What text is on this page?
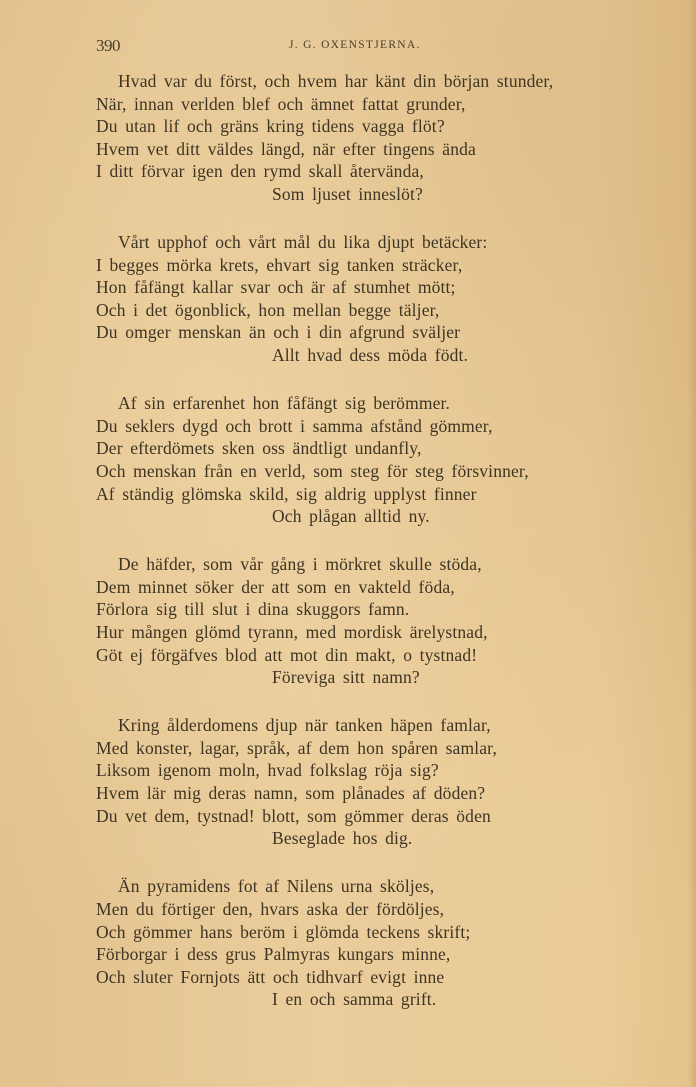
390	J. G. OXENSTJERNA.
Hvad var du först, och hvem har känt din början stunder,
När, innan verlden blef och ämnet fattat grunder,
Du utan lif och gräns kring tidens vagga flöt?
Hvem vet ditt väldes längd, när efter tingens ända
I ditt förvar igen den rymd skall återvända,
Som ljuset inneslöt?
Vårt upphof och vårt mål du lika djupt betäcker:
I begges mörka krets, ehvart sig tanken sträcker,
Hon fåfängt kallar svar och är af stumhet mött;
Och i det ögonblick, hon mellan begge täljer,
Du omger menskan än och i din afgrund sväljer
Allt hvad dess möda födt.
Af sin erfarenhet hon fåfängt sig berömmer.
Du seklers dygd och brott i samma afstånd gömmer,
Der efterdömets sken oss ändtligt undanfly,
Och menskan från en verld, som steg för steg försvinner,
Af ständig glömska skild, sig aldrig upplyst finner
Och plågan alltid ny.
De häfder, som vår gång i mörkret skulle stöda,
Dem minnet söker der att som en vakteld föda,
Förlora sig till slut i dina skuggors famn.
Hur mången glömd tyrann, med mordisk ärelystnad,
Göt ej förgäfves blod att mot din makt, o tystnad!
Föreviga sitt namn?
Kring ålderdomens djup när tanken häpen famlar,
Med konster, lagar, språk, af dem hon spåren samlar,
Liksom igenom moln, hvad folkslag röja sig?
Hvem lär mig deras namn, som plånades af döden?
Du vet dem, tystnad! blott, som gömmer deras öden
Beseglade hos dig.
Än pyramidens fot af Nilens urna sköljes,
Men du förtiger den, hvars aska der fördöljes,
Och gömmer hans beröm i glömda teckens skrift;
Förborgar i dess grus Palmyras kungars minne,
Och sluter Fornjots ätt och tidhvarf evigt inne
I en och samma grift.
